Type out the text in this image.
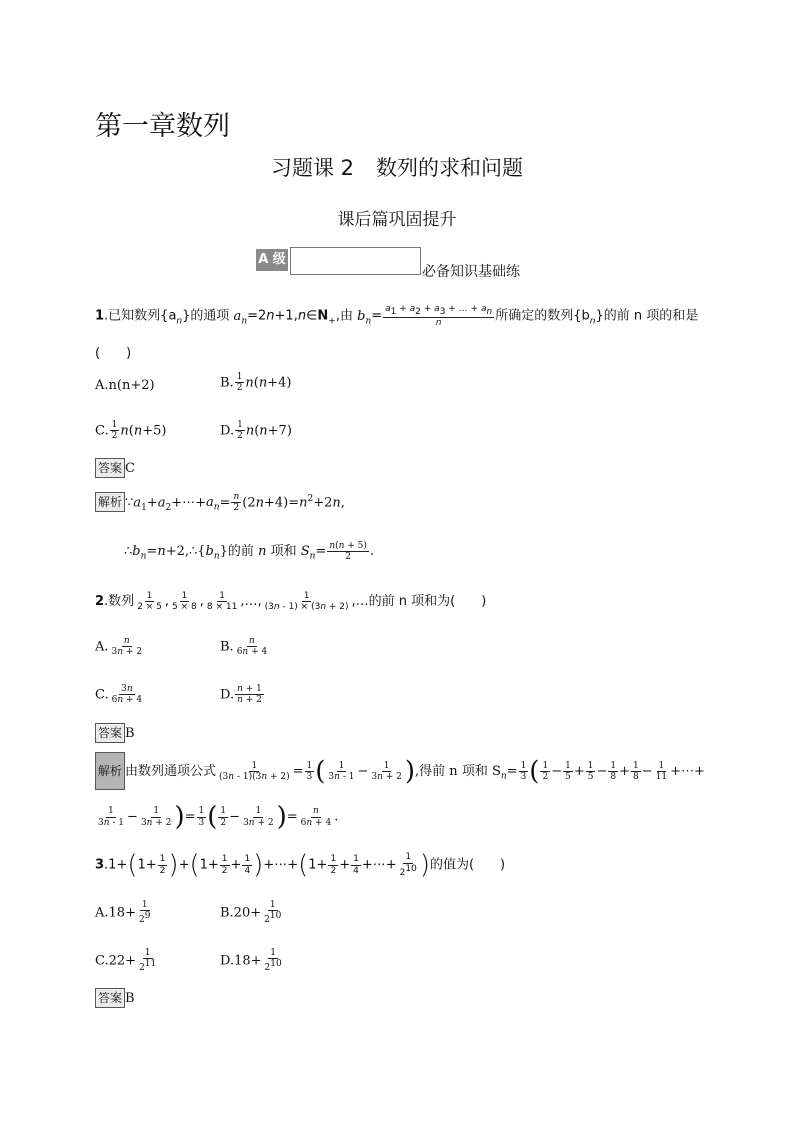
第一章数列
习题课 2 数列的求和问题
课后篇巩固提升
A 级
必备知识基础练
1.已知数列$\{a_n\}$的通项 $a_n=2n+1,n\in N_+$,由 $b_n= \frac{a_1 + a_2 + a_3 + \dots + a_n}{n}$ 所确定的数列$\{b_n\}$的前 n 项的和是
(　　)
A.n(n+2)	B. $\frac{1}{2} n(n+4)$
C. $\frac{1}{2} n(n+5)$	D. $\frac{1}{2} n(n+7)$
答案 C
解析 $\because a_1+a_2+\cdots+a_n= \frac{n}{2} (2n+4)=n^2+2n$,
$\therefore b_n=n+2,\therefore\{b_n\}$的前 n 项和 $S_n= \frac{n(n + 5)}{2}$ .
2.数列 $\frac{1}{2 \times 5}$ , $\frac{1}{5 \times 8}$ , $\frac{1}{8 \times 11}$ ,…, $\frac{1}{(3n - 1) \times (3n + 2)}$ ,…的前 n 项和为(　　)
A. $\frac{n}{3n + 2}$	B. $\frac{n}{6n + 4}$
C. $\frac{3n}{6n + 4}$	D. $\frac{n + 1}{n + 2}$
答案 B
解析 由数列通项公式 $\frac{1}{(3n - 1)(3n + 2)} = \frac{1}{3}$ ( $\frac{1}{3n - 1} - \frac{1}{3n + 2}$ ),得前 n 项和 $S_n= \frac{1}{3}$ ( $\frac{1}{2} - \frac{1}{5} + \frac{1}{5} - \frac{1}{8} + \frac{1}{8} - \frac{1}{11}$ +⋯+
$\frac{1}{3n - 1} - \frac{1}{3n + 2}$ )= $\frac{1}{3}$ ( $\frac{1}{2} - \frac{1}{3n + 2}$ )= $\frac{n}{6n + 4}$ .
$3.1+(1+ \frac{1}{2} )+(1+ \frac{1}{2} + \frac{1}{4}$ )+⋯+(1+ $\frac{1}{2} + \frac{1}{4}$ +⋯+ $\frac{1}{2^{10}}$ )的值为(　　)
$A.18+ \frac{1}{2^9}$	$B.20+ \frac{1}{2^{10}}$
$C.22+ \frac{1}{2^{11}}$	$D.18+ \frac{1}{2^{10}}$
答案 B
